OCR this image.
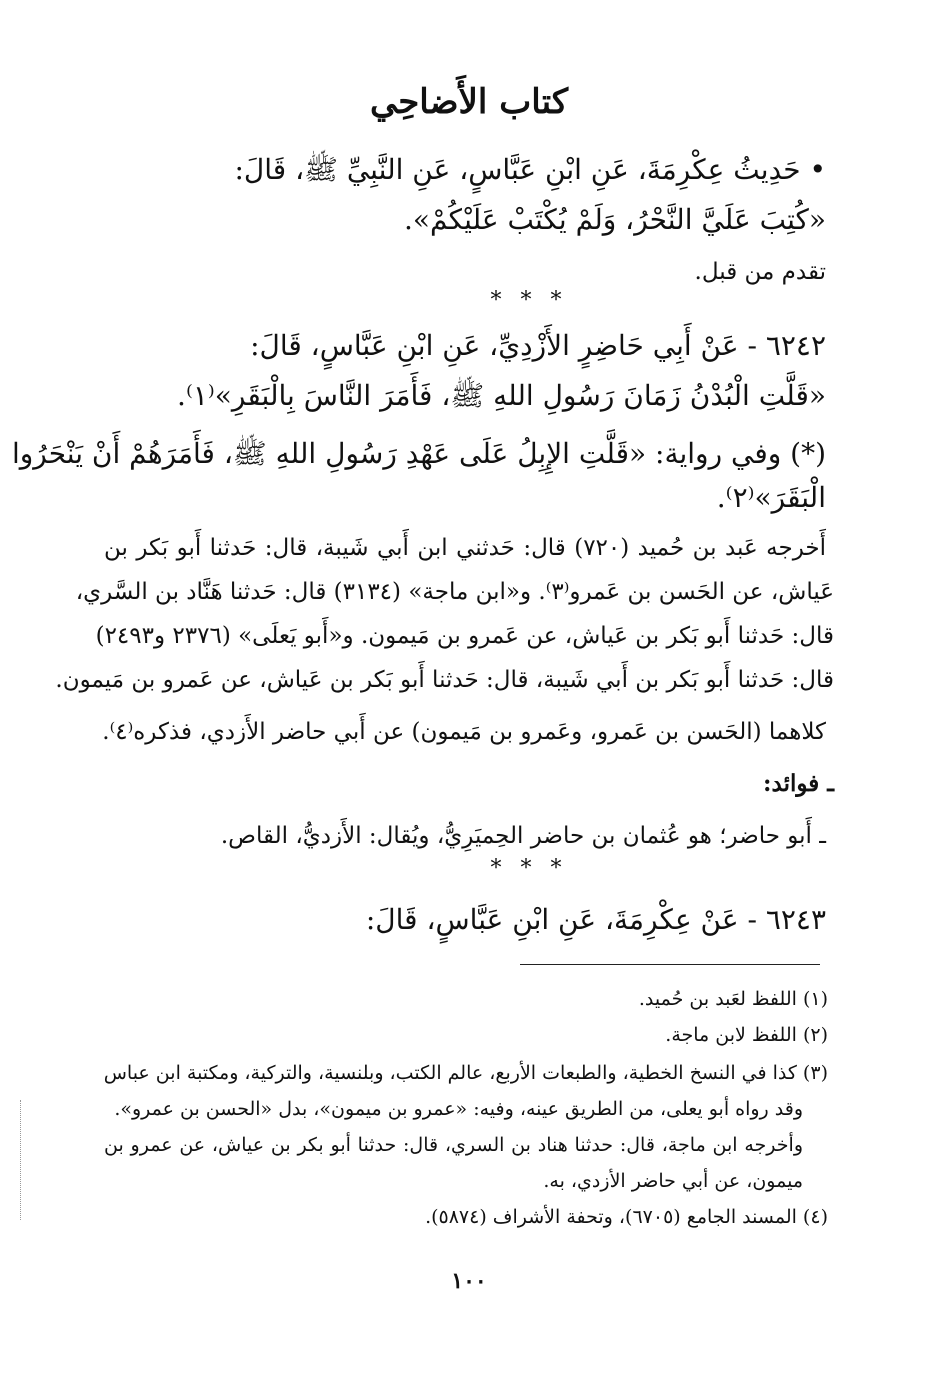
كتاب الأَضاحِي
• حَدِيثُ عِكْرِمَةَ، عَنِ ابْنِ عَبَّاسٍ، عَنِ النَّبِيِّ ﷺ، قَالَ:
«كُتِبَ عَلَيَّ النَّحْرُ، وَلَمْ يُكْتَبْ عَلَيْكُمْ».
تقدم من قبل.
* * *
٦٢٤٢ - عَنْ أَبِي حَاضِرٍ الأَزْدِيِّ، عَنِ ابْنِ عَبَّاسٍ، قَالَ:
«قَلَّتِ الْبُدْنُ زَمَانَ رَسُولِ اللهِ ﷺ، فَأَمَرَ النَّاسَ بِالْبَقَرِ»⁽١⁾.
(*) وفي رواية: «قَلَّتِ الإِبِلُ عَلَى عَهْدِ رَسُولِ اللهِ ﷺ، فَأَمَرَهُمْ أَنْ يَنْحَرُوا
الْبَقَرَ»⁽٢⁾.
أَخرجه عَبد بن حُميد (٧٢٠) قال: حَدثني ابن أَبي شَيبة، قال: حَدثنا أَبو بَكر بن
عَياش، عن الحَسن بن عَمرو⁽٣⁾. و«ابن ماجة» (٣١٣٤) قال: حَدثنا هَنَّاد بن السَّري،
قال: حَدثنا أَبو بَكر بن عَياش، عن عَمرو بن مَيمون. و«أَبو يَعلَى» (٢٣٧٦ و٢٤٩٣)
قال: حَدثنا أَبو بَكر بن أَبي شَيبة، قال: حَدثنا أَبو بَكر بن عَياش، عن عَمرو بن مَيمون.
كلاهما (الحَسن بن عَمرو، وعَمرو بن مَيمون) عن أَبي حاضر الأَزدي، فذكره⁽٤⁾.
ـ فوائد:
ـ أَبو حاضر؛ هو عُثمان بن حاضر الحِميَرِيُّ، ويُقال: الأَزديُّ، القاص.
* * *
٦٢٤٣ - عَنْ عِكْرِمَةَ، عَنِ ابْنِ عَبَّاسٍ، قَالَ:
(١) اللفظ لعَبد بن حُميد.
(٢) اللفظ لابن ماجة.
(٣) كذا في النسخ الخطية، والطبعات الأربع، عالم الكتب، وبلنسية، والتركية، ومكتبة ابن عباس
وقد رواه أبو يعلى، من الطريق عينه، وفيه: «عمرو بن ميمون»، بدل «الحسن بن عمرو».
وأخرجه ابن ماجة، قال: حدثنا هناد بن السري، قال: حدثنا أبو بكر بن عياش، عن عمرو بن
ميمون، عن أبي حاضر الأزدي، به.
(٤) المسند الجامع (٦٧٠٥)، وتحفة الأشراف (٥٨٧٤).
١٠٠
